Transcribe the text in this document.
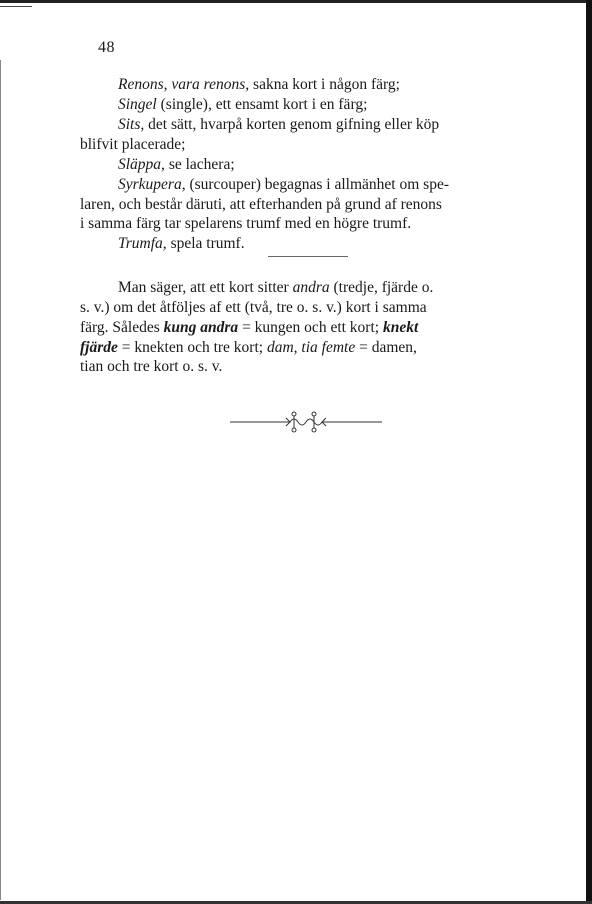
48
Renons, vara renons, sakna kort i någon färg;
Singel (single), ett ensamt kort i en färg;
Sits, det sätt, hvarpå korten genom gifning eller köp
blifvit placerade;
Släppa, se lachera;
Syrkupera, (surcouper) begagnas i allmänhet om spe-
laren, och består däruti, att efterhanden på grund af renons
i samma färg tar spelarens trumf med en högre trumf.
Trumfa, spela trumf.
Man säger, att ett kort sitter andra (tredje, fjärde o.
s. v.) om det åtföljes af ett (två, tre o. s. v.) kort i samma
färg. Således kung andra = kungen och ett kort; knekt
fjärde = knekten och tre kort; dam, tia femte = damen,
tian och tre kort o. s. v.
